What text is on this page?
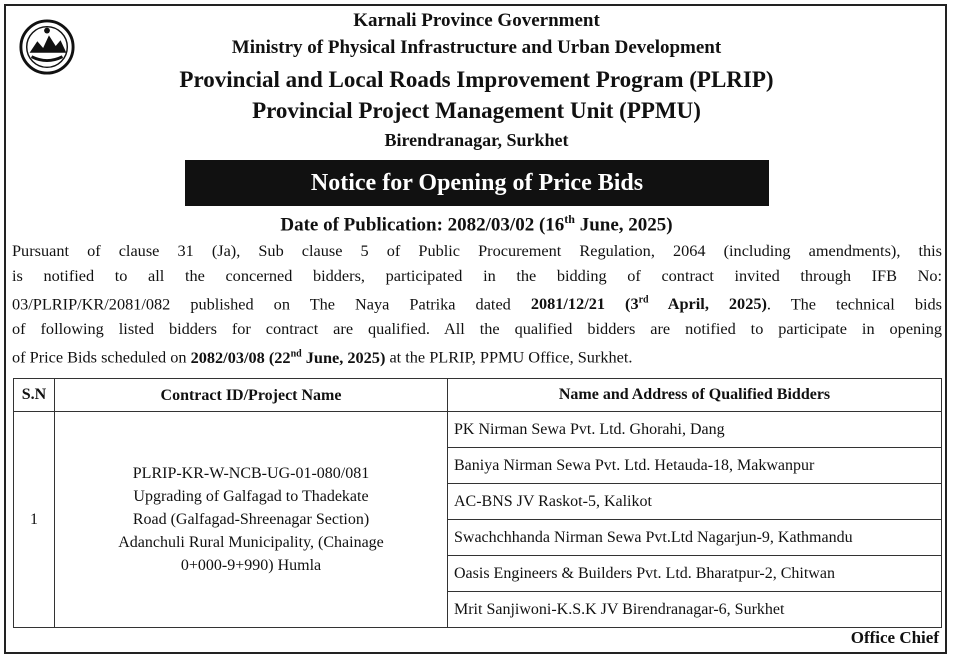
Karnali Province Government
Ministry of Physical Infrastructure and Urban Development
Provincial and Local Roads Improvement Program (PLRIP)
Provincial Project Management Unit (PPMU)
Birendranagar, Surkhet
Notice for Opening of Price Bids
Date of Publication: 2082/03/02 (16th June, 2025)
Pursuant of clause 31 (Ja), Sub clause 5 of Public Procurement Regulation, 2064 (including amendments), this
is notified to all the concerned bidders, participated in the bidding of contract invited through IFB No:
03/PLRIP/KR/2081/082 published on The Naya Patrika dated 2081/12/21 (3rd April, 2025). The technical bids
of following listed bidders for contract are qualified. All the qualified bidders are notified to participate in opening
of Price Bids scheduled on 2082/03/08 (22nd June, 2025) at the PLRIP, PPMU Office, Surkhet.
S.N	Contract ID/Project Name	Name and Address of Qualified Bidders
1	PLRIP-KR-W-NCB-UG-01-080/081
Upgrading of Galfagad to Thadekate
Road (Galfagad-Shreenagar Section)
Adanchuli Rural Municipality, (Chainage
0+000-9+990) Humla	PK Nirman Sewa Pvt. Ltd. Ghorahi, Dang
		Baniya Nirman Sewa Pvt. Ltd. Hetauda-18, Makwanpur
		AC-BNS JV Raskot-5, Kalikot
		Swachchhanda Nirman Sewa Pvt.Ltd Nagarjun-9, Kathmandu
		Oasis Engineers & Builders Pvt. Ltd. Bharatpur-2, Chitwan
		Mrit Sanjiwoni-K.S.K JV Birendranagar-6, Surkhet
Office Chief
